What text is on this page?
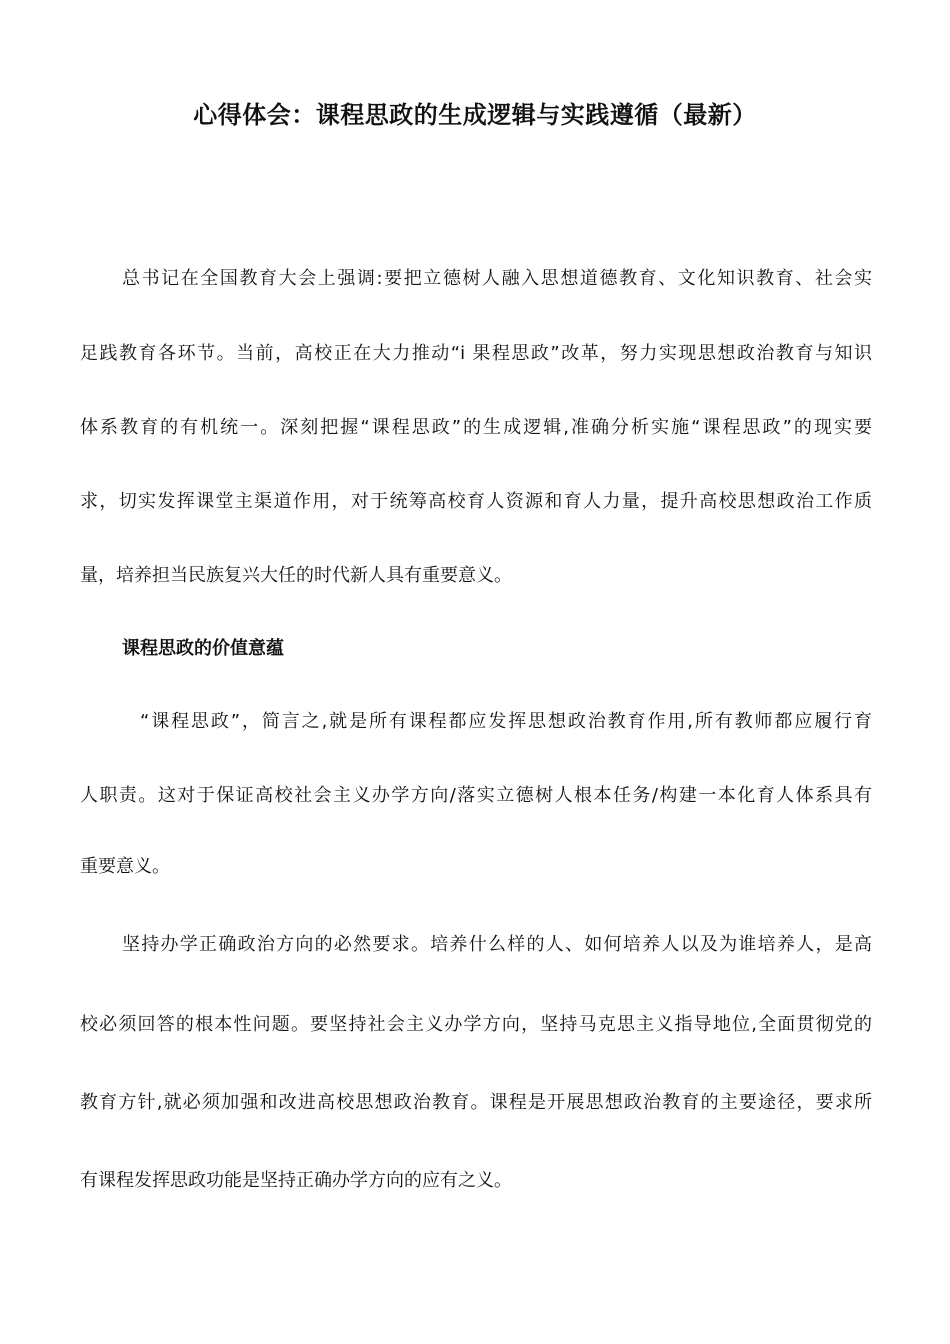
心得体会：课程思政的生成逻辑与实践遵循（最新）
总书记在全国教育大会上强调:要把立德树人融入思想道德教育、文化知识教育、社会实
足践教育各环节。当前，高校正在大力推动“i 果程思政”改革，努力实现思想政治教育与知识
体系教育的有机统一。深刻把握“课程思政”的生成逻辑,准确分析实施“课程思政”的现实要
求，切实发挥课堂主渠道作用，对于统筹高校育人资源和育人力量，提升高校思想政治工作质
量，培养担当民族复兴大任的时代新人具有重要意义。
课程思政的价值意蕴
“课程思政”，简言之,就是所有课程都应发挥思想政治教育作用,所有教师都应履行育
人职责。这对于保证高校社会主义办学方向/落实立德树人根本任务/构建一本化育人体系具有
重要意义。
坚持办学正确政治方向的必然要求。培养什么样的人、如何培养人以及为谁培养人，是高
校必须回答的根本性问题。要坚持社会主义办学方向，坚持马克思主义指导地位,全面贯彻党的
教育方针,就必须加强和改进高校思想政治教育。课程是开展思想政治教育的主要途径，要求所
有课程发挥思政功能是坚持正确办学方向的应有之义。
